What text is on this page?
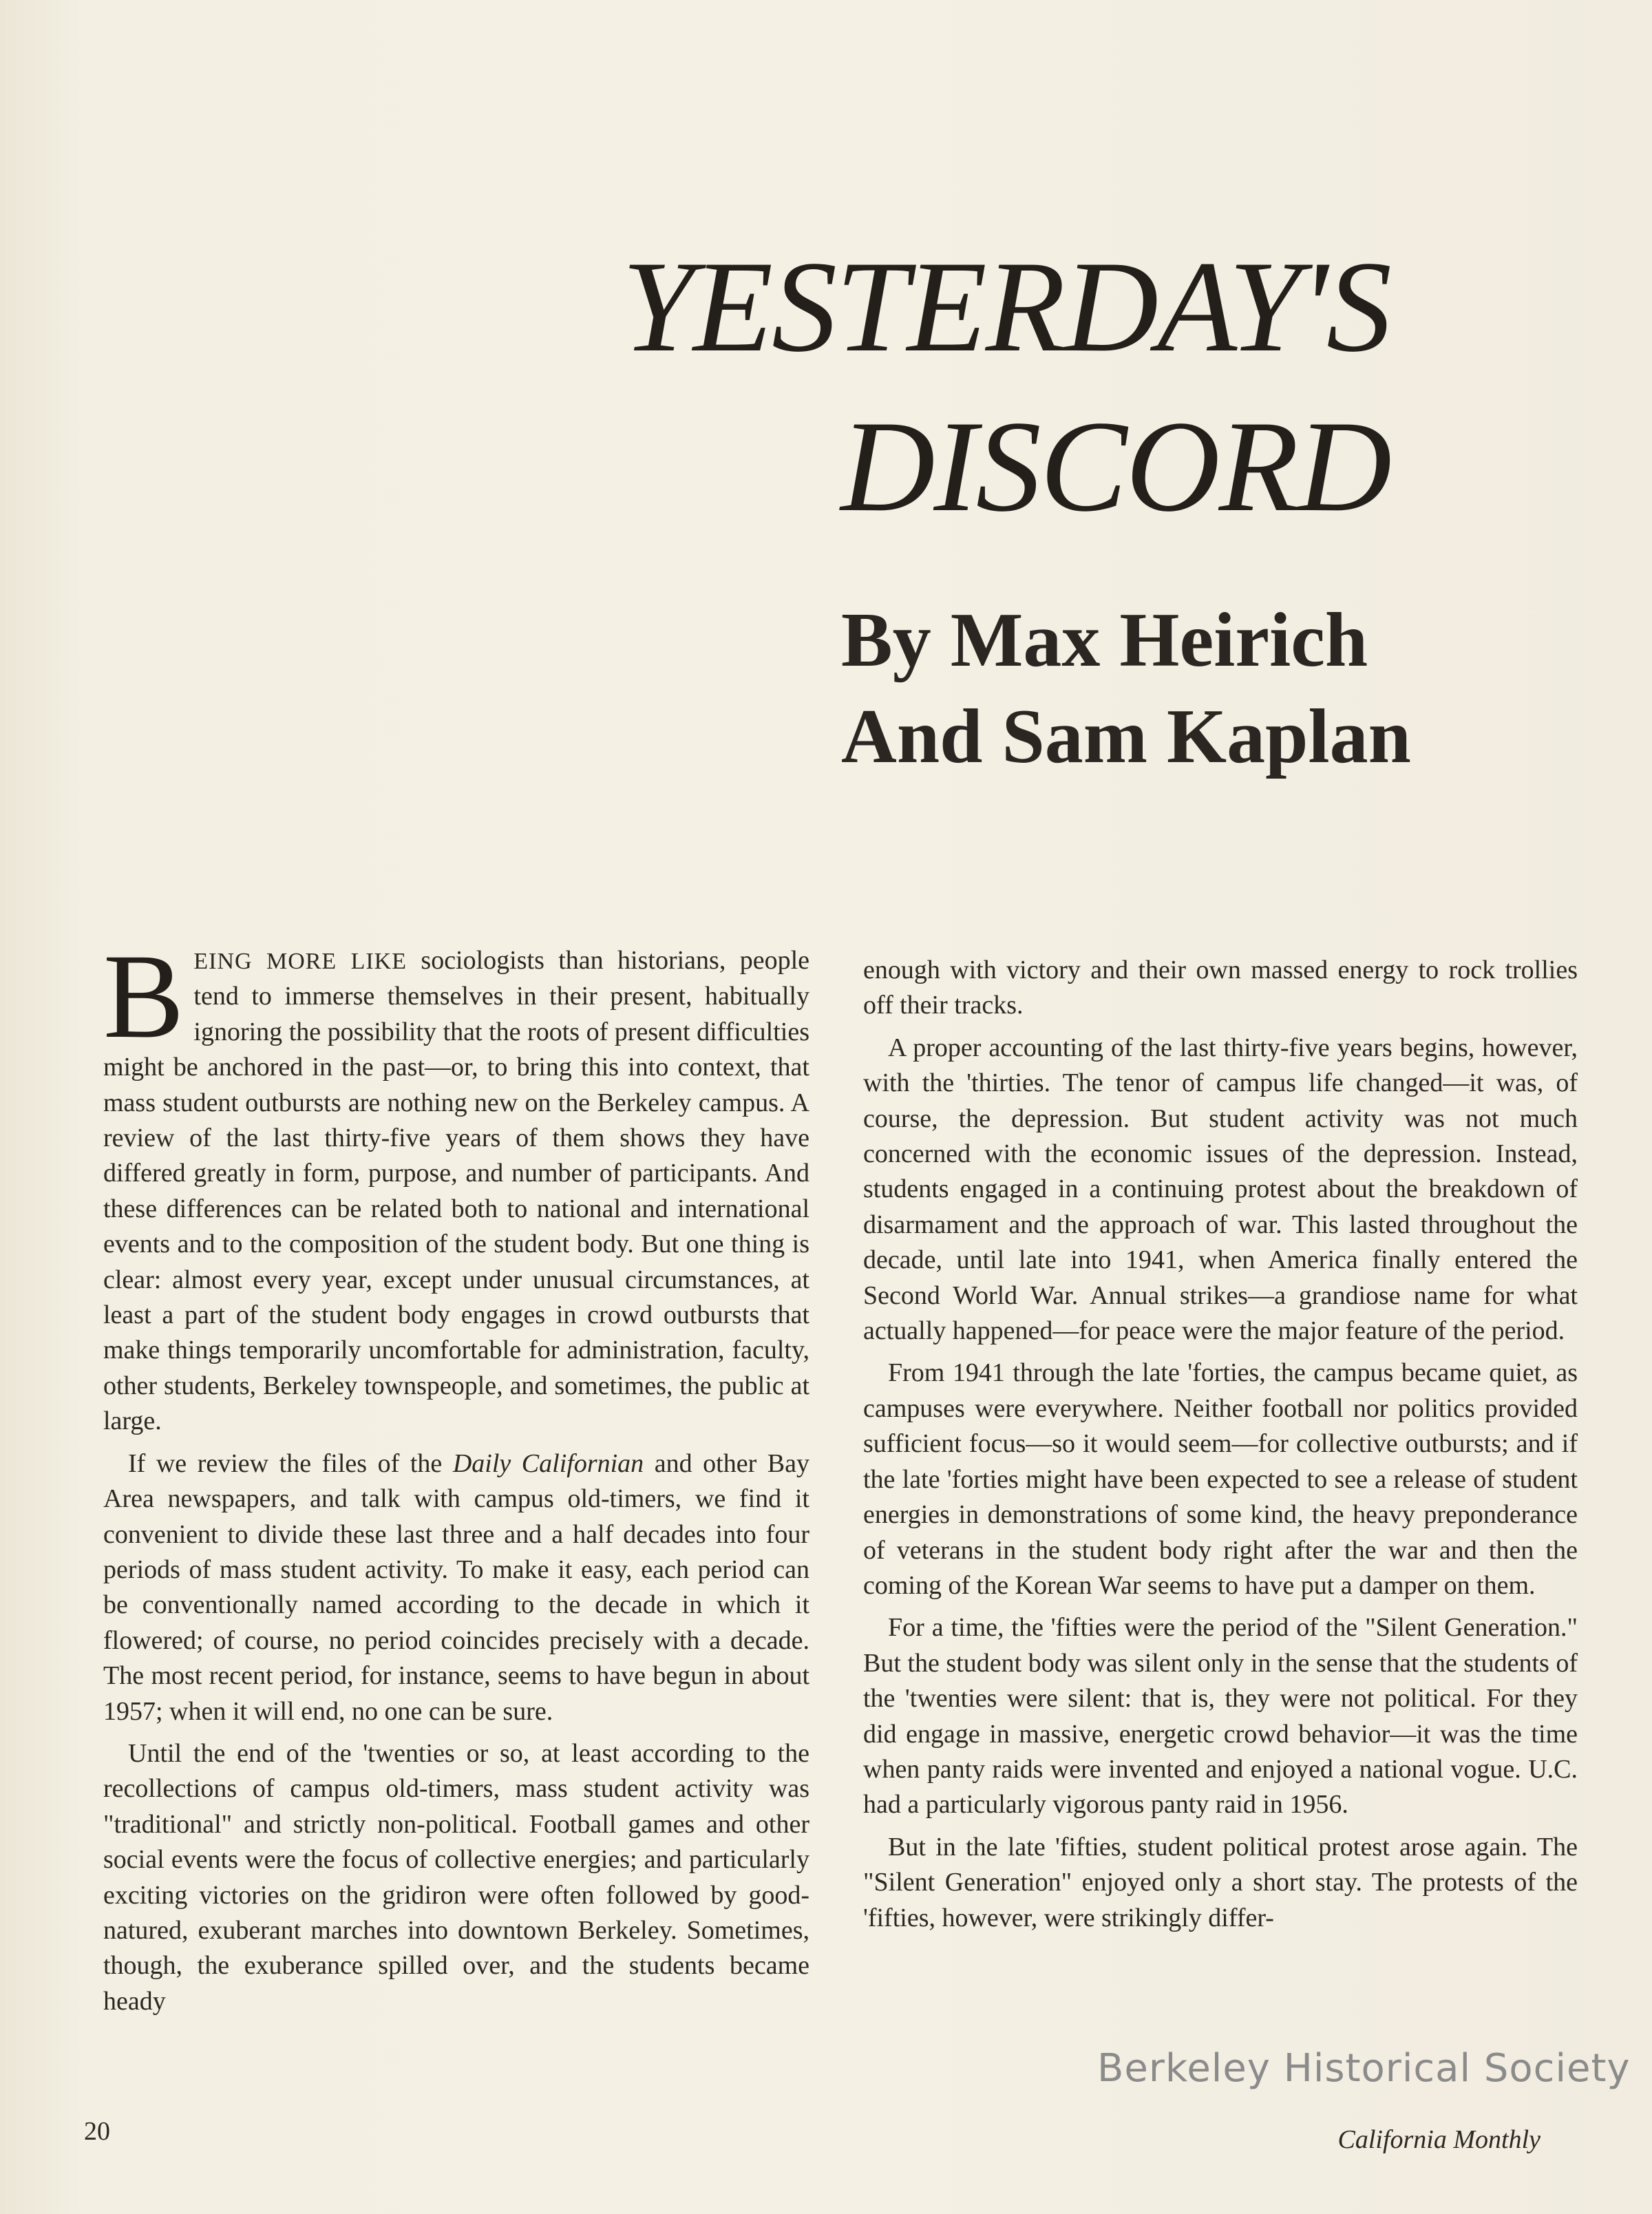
YESTERDAY'S
DISCORD
By Max Heirich
And Sam Kaplan

BEING MORE LIKE sociologists than historians, people tend to immerse themselves in their present, habitually ignoring the possibility that the roots of present difficulties might be anchored in the past—or, to bring this into context, that mass student outbursts are nothing new on the Berkeley campus. A review of the last thirty-five years of them shows they have differed greatly in form, purpose, and number of participants. And these differences can be related both to national and international events and to the composition of the student body. But one thing is clear: almost every year, except under unusual circumstances, at least a part of the student body engages in crowd outbursts that make things temporarily uncomfortable for administration, faculty, other students, Berkeley townspeople, and sometimes, the public at large.

If we review the files of the Daily Californian and other Bay Area newspapers, and talk with campus old-timers, we find it convenient to divide these last three and a half decades into four periods of mass student activity. To make it easy, each period can be conventionally named according to the decade in which it flowered; of course, no period coincides precisely with a decade. The most recent period, for instance, seems to have begun in about 1957; when it will end, no one can be sure.

Until the end of the 'twenties or so, at least according to the recollections of campus old-timers, mass student activity was "traditional" and strictly non-political. Football games and other social events were the focus of collective energies; and particularly exciting victories on the gridiron were often followed by good-natured, exuberant marches into downtown Berkeley. Sometimes, though, the exuberance spilled over, and the students became heady

enough with victory and their own massed energy to rock trollies off their tracks.

A proper accounting of the last thirty-five years begins, however, with the 'thirties. The tenor of campus life changed—it was, of course, the depression. But student activity was not much concerned with the economic issues of the depression. Instead, students engaged in a continuing protest about the breakdown of disarmament and the approach of war. This lasted throughout the decade, until late into 1941, when America finally entered the Second World War. Annual strikes—a grandiose name for what actually happened—for peace were the major feature of the period.

From 1941 through the late 'forties, the campus became quiet, as campuses were everywhere. Neither football nor politics provided sufficient focus—so it would seem—for collective outbursts; and if the late 'forties might have been expected to see a release of student energies in demonstrations of some kind, the heavy preponderance of veterans in the student body right after the war and then the coming of the Korean War seems to have put a damper on them.

For a time, the 'fifties were the period of the "Silent Generation." But the student body was silent only in the sense that the students of the 'twenties were silent: that is, they were not political. For they did engage in massive, energetic crowd behavior—it was the time when panty raids were invented and enjoyed a national vogue. U.C. had a particularly vigorous panty raid in 1956.

But in the late 'fifties, student political protest arose again. The "Silent Generation" enjoyed only a short stay. The protests of the 'fifties, however, were strikingly differ-

Berkeley Historical Society
20	California Monthly
